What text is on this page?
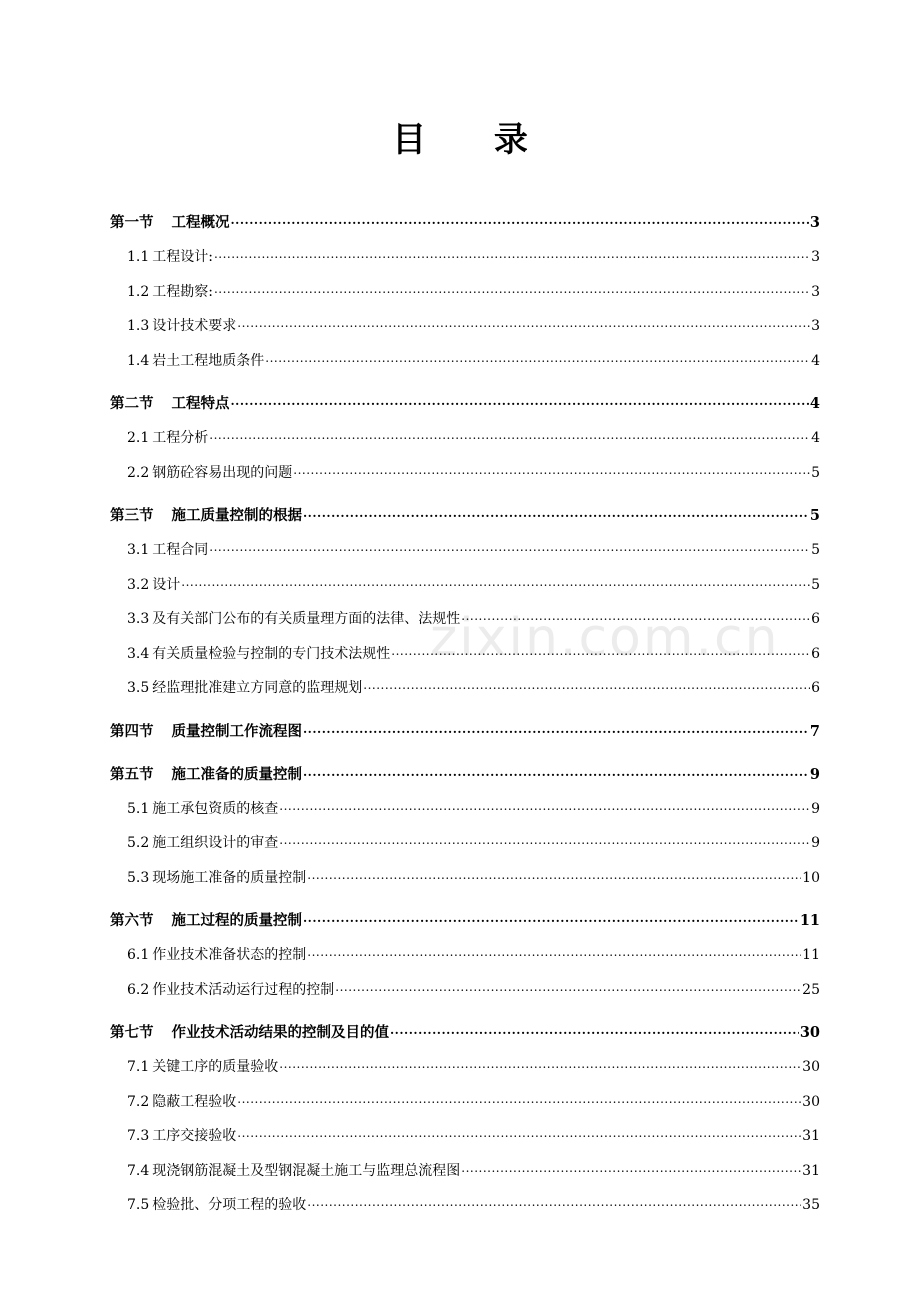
目 录
zixin.com.cn
第一节 工程概况 .....	3
1.1 工程设计: .....	3
1.2 工程勘察: .....	3
1.3 设计技术要求 .....	3
1.4 岩土工程地质条件 .....	4
第二节 工程特点 .....	4
2.1 工程分析 .....	4
2.2 钢筋砼容易出现的问题 .....	5
第三节 施工质量控制的根据 .....	5
3.1 工程合同 .....	5
3.2 设计 .....	5
3.3 及有关部门公布的有关质量理方面的法律、法规性 .....	6
3.4 有关质量检验与控制的专门技术法规性 .....	6
3.5 经监理批准建立方同意的监理规划 .....	6
第四节 质量控制工作流程图 .....	7
第五节 施工准备的质量控制 .....	9
5.1 施工承包资质的核查 .....	9
5.2 施工组织设计的审查 .....	9
5.3 现场施工准备的质量控制 .....	10
第六节 施工过程的质量控制 .....	11
6.1 作业技术准备状态的控制 .....	11
6.2 作业技术活动运行过程的控制 .....	25
第七节 作业技术活动结果的控制及目的值 .....	30
7.1 关键工序的质量验收 .....	30
7.2 隐蔽工程验收 .....	30
7.3 工序交接验收 .....	31
7.4 现浇钢筋混凝土及型钢混凝土施工与监理总流程图 .....	31
7.5 检验批、分项工程的验收 .....	35
